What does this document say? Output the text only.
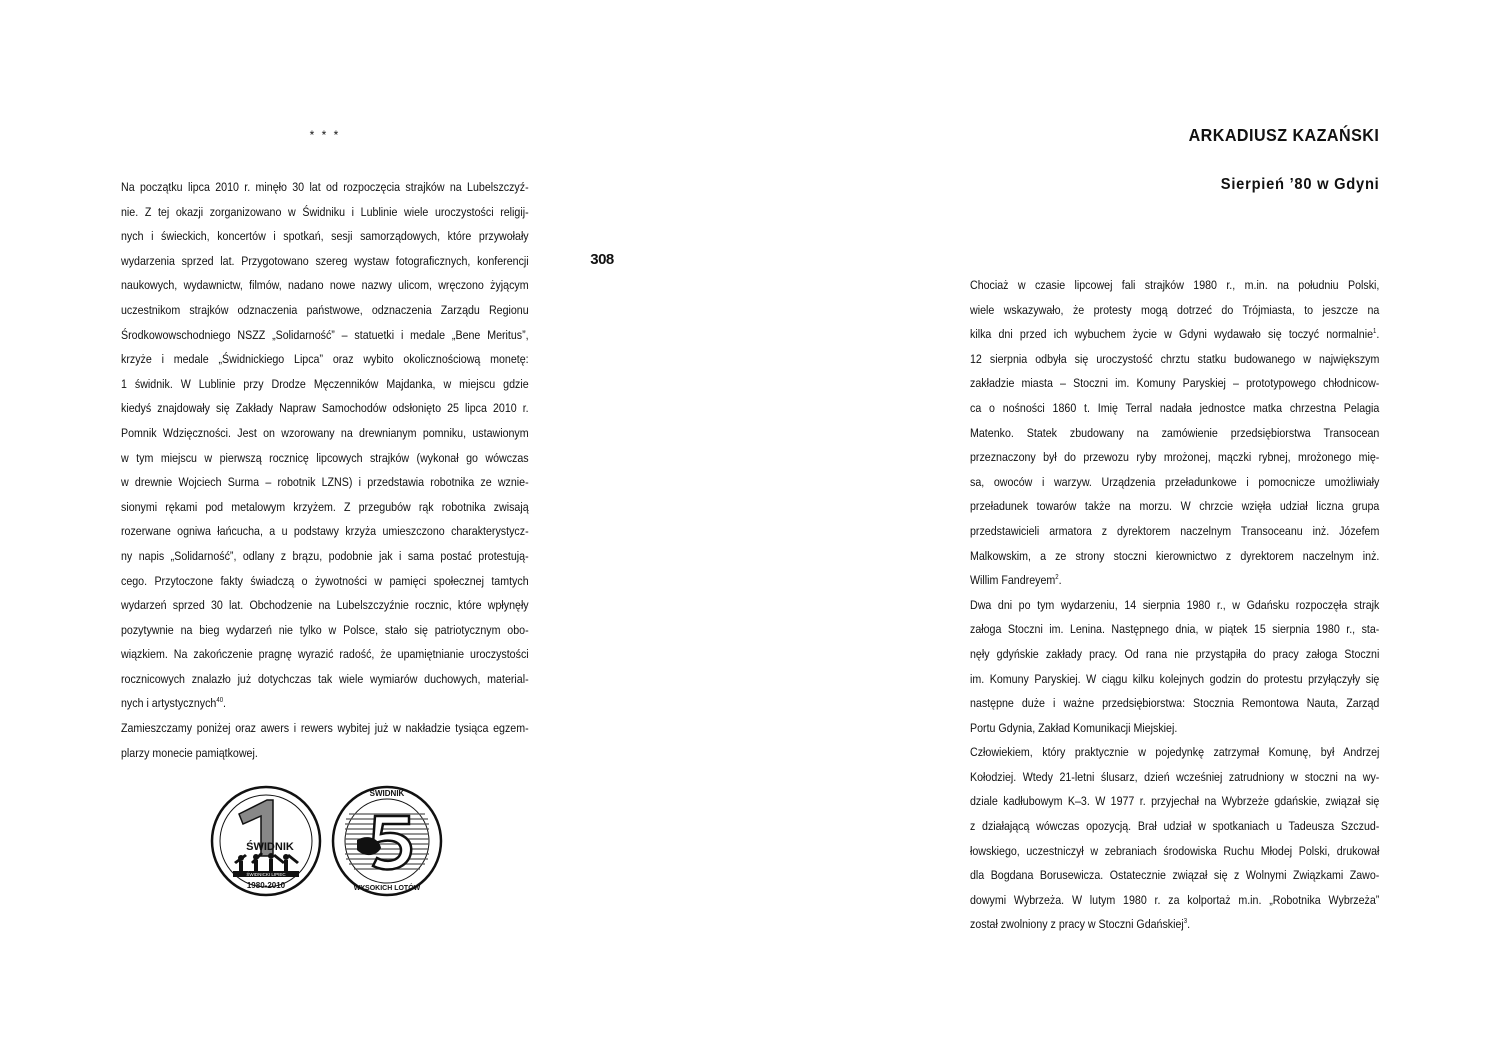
* * *
Na początku lipca 2010 r. minęło 30 lat od rozpoczęcia strajków na Lubelszczyź-
nie. Z tej okazji zorganizowano w Świdniku i Lublinie wiele uroczystości religij-
nych i świeckich, koncertów i spotkań, sesji samorządowych, które przywołały
wydarzenia sprzed lat. Przygotowano szereg wystaw fotograficznych, konferencji
naukowych, wydawnictw, filmów, nadano nowe nazwy ulicom, wręczono żyjącym
uczestnikom strajków odznaczenia państwowe, odznaczenia Zarządu Regionu
Środkowowschodniego NSZZ „Solidarność” – statuetki i medale „Bene Meritus”,
krzyże i medale „Świdnickiego Lipca” oraz wybito okolicznościową monetę:
1 świdnik. W Lublinie przy Drodze Męczenników Majdanka, w miejscu gdzie
kiedyś znajdowały się Zakłady Napraw Samochodów odsłonięto 25 lipca 2010 r.
Pomnik Wdzięczności. Jest on wzorowany na drewnianym pomniku, ustawionym
w tym miejscu w pierwszą rocznicę lipcowych strajków (wykonał go wówczas
w drewnie Wojciech Surma – robotnik LZNS) i przedstawia robotnika ze wznie-
sionymi rękami pod metalowym krzyżem. Z przegubów rąk robotnika zwisają
rozerwane ogniwa łańcucha, a u podstawy krzyża umieszczono charakterystycz-
ny napis „Solidarność”, odlany z brązu, podobnie jak i sama postać protestują-
cego. Przytoczone fakty świadczą o żywotności w pamięci społecznej tamtych
wydarzeń sprzed 30 lat. Obchodzenie na Lubelszczyźnie rocznic, które wpłynęły
pozytywnie na bieg wydarzeń nie tylko w Polsce, stało się patriotycznym obo-
wiązkiem. Na zakończenie pragnę wyrazić radość, że upamiętnianie uroczystości
rocznicowych znalazło już dotychczas tak wiele wymiarów duchowych, material-
nych i artystycznych$^{40}$.
Zamieszczamy poniżej oraz awers i rewers wybitej już w nakładzie tysiąca egzem-
plarzy monecie pamiątkowej.
ŚWIDNIK
ŚWIDNICKI LIPIEC
1980-2010
ŚWIDNIK
WYSOKICH LOTÓW
308
ARKADIUSZ KAZAŃSKI
Sierpień ’80 w Gdyni
Chociaż w czasie lipcowej fali strajków 1980 r., m.in. na południu Polski,
wiele wskazywało, że protesty mogą dotrzeć do Trójmiasta, to jeszcze na
kilka dni przed ich wybuchem życie w Gdyni wydawało się toczyć normalnie$^1$.
12 sierpnia odbyła się uroczystość chrztu statku budowanego w największym
zakładzie miasta – Stoczni im. Komuny Paryskiej – prototypowego chłodnicow-
ca o nośności 1860 t. Imię Terral nadała jednostce matka chrzestna Pelagia
Matenko. Statek zbudowany na zamówienie przedsiębiorstwa Transocean
przeznaczony był do przewozu ryby mrożonej, mączki rybnej, mrożonego mię-
sa, owoców i warzyw. Urządzenia przeładunkowe i pomocnicze umożliwiały
przeładunek towarów także na morzu. W chrzcie wzięła udział liczna grupa
przedstawicieli armatora z dyrektorem naczelnym Transoceanu inż. Józefem
Malkowskim, a ze strony stoczni kierownictwo z dyrektorem naczelnym inż.
Willim Fandreyem$^2$.
Dwa dni po tym wydarzeniu, 14 sierpnia 1980 r., w Gdańsku rozpoczęła strajk
załoga Stoczni im. Lenina. Następnego dnia, w piątek 15 sierpnia 1980 r., sta-
nęły gdyńskie zakłady pracy. Od rana nie przystąpiła do pracy załoga Stoczni
im. Komuny Paryskiej. W ciągu kilku kolejnych godzin do protestu przyłączyły się
następne duże i ważne przedsiębiorstwa: Stocznia Remontowa Nauta, Zarząd
Portu Gdynia, Zakład Komunikacji Miejskiej.
Człowiekiem, który praktycznie w pojedynkę zatrzymał Komunę, był Andrzej
Kołodziej. Wtedy 21-letni ślusarz, dzień wcześniej zatrudniony w stoczni na wy-
dziale kadłubowym K–3. W 1977 r. przyjechał na Wybrzeże gdańskie, związał się
z działającą wówczas opozycją. Brał udział w spotkaniach u Tadeusza Szczud-
łowskiego, uczestniczył w zebraniach środowiska Ruchu Młodej Polski, drukował
dla Bogdana Borusewicza. Ostatecznie związał się z Wolnymi Związkami Zawo-
dowymi Wybrzeża. W lutym 1980 r. za kolportaż m.in. „Robotnika Wybrzeża”
został zwolniony z pracy w Stoczni Gdańskiej$^3$.
